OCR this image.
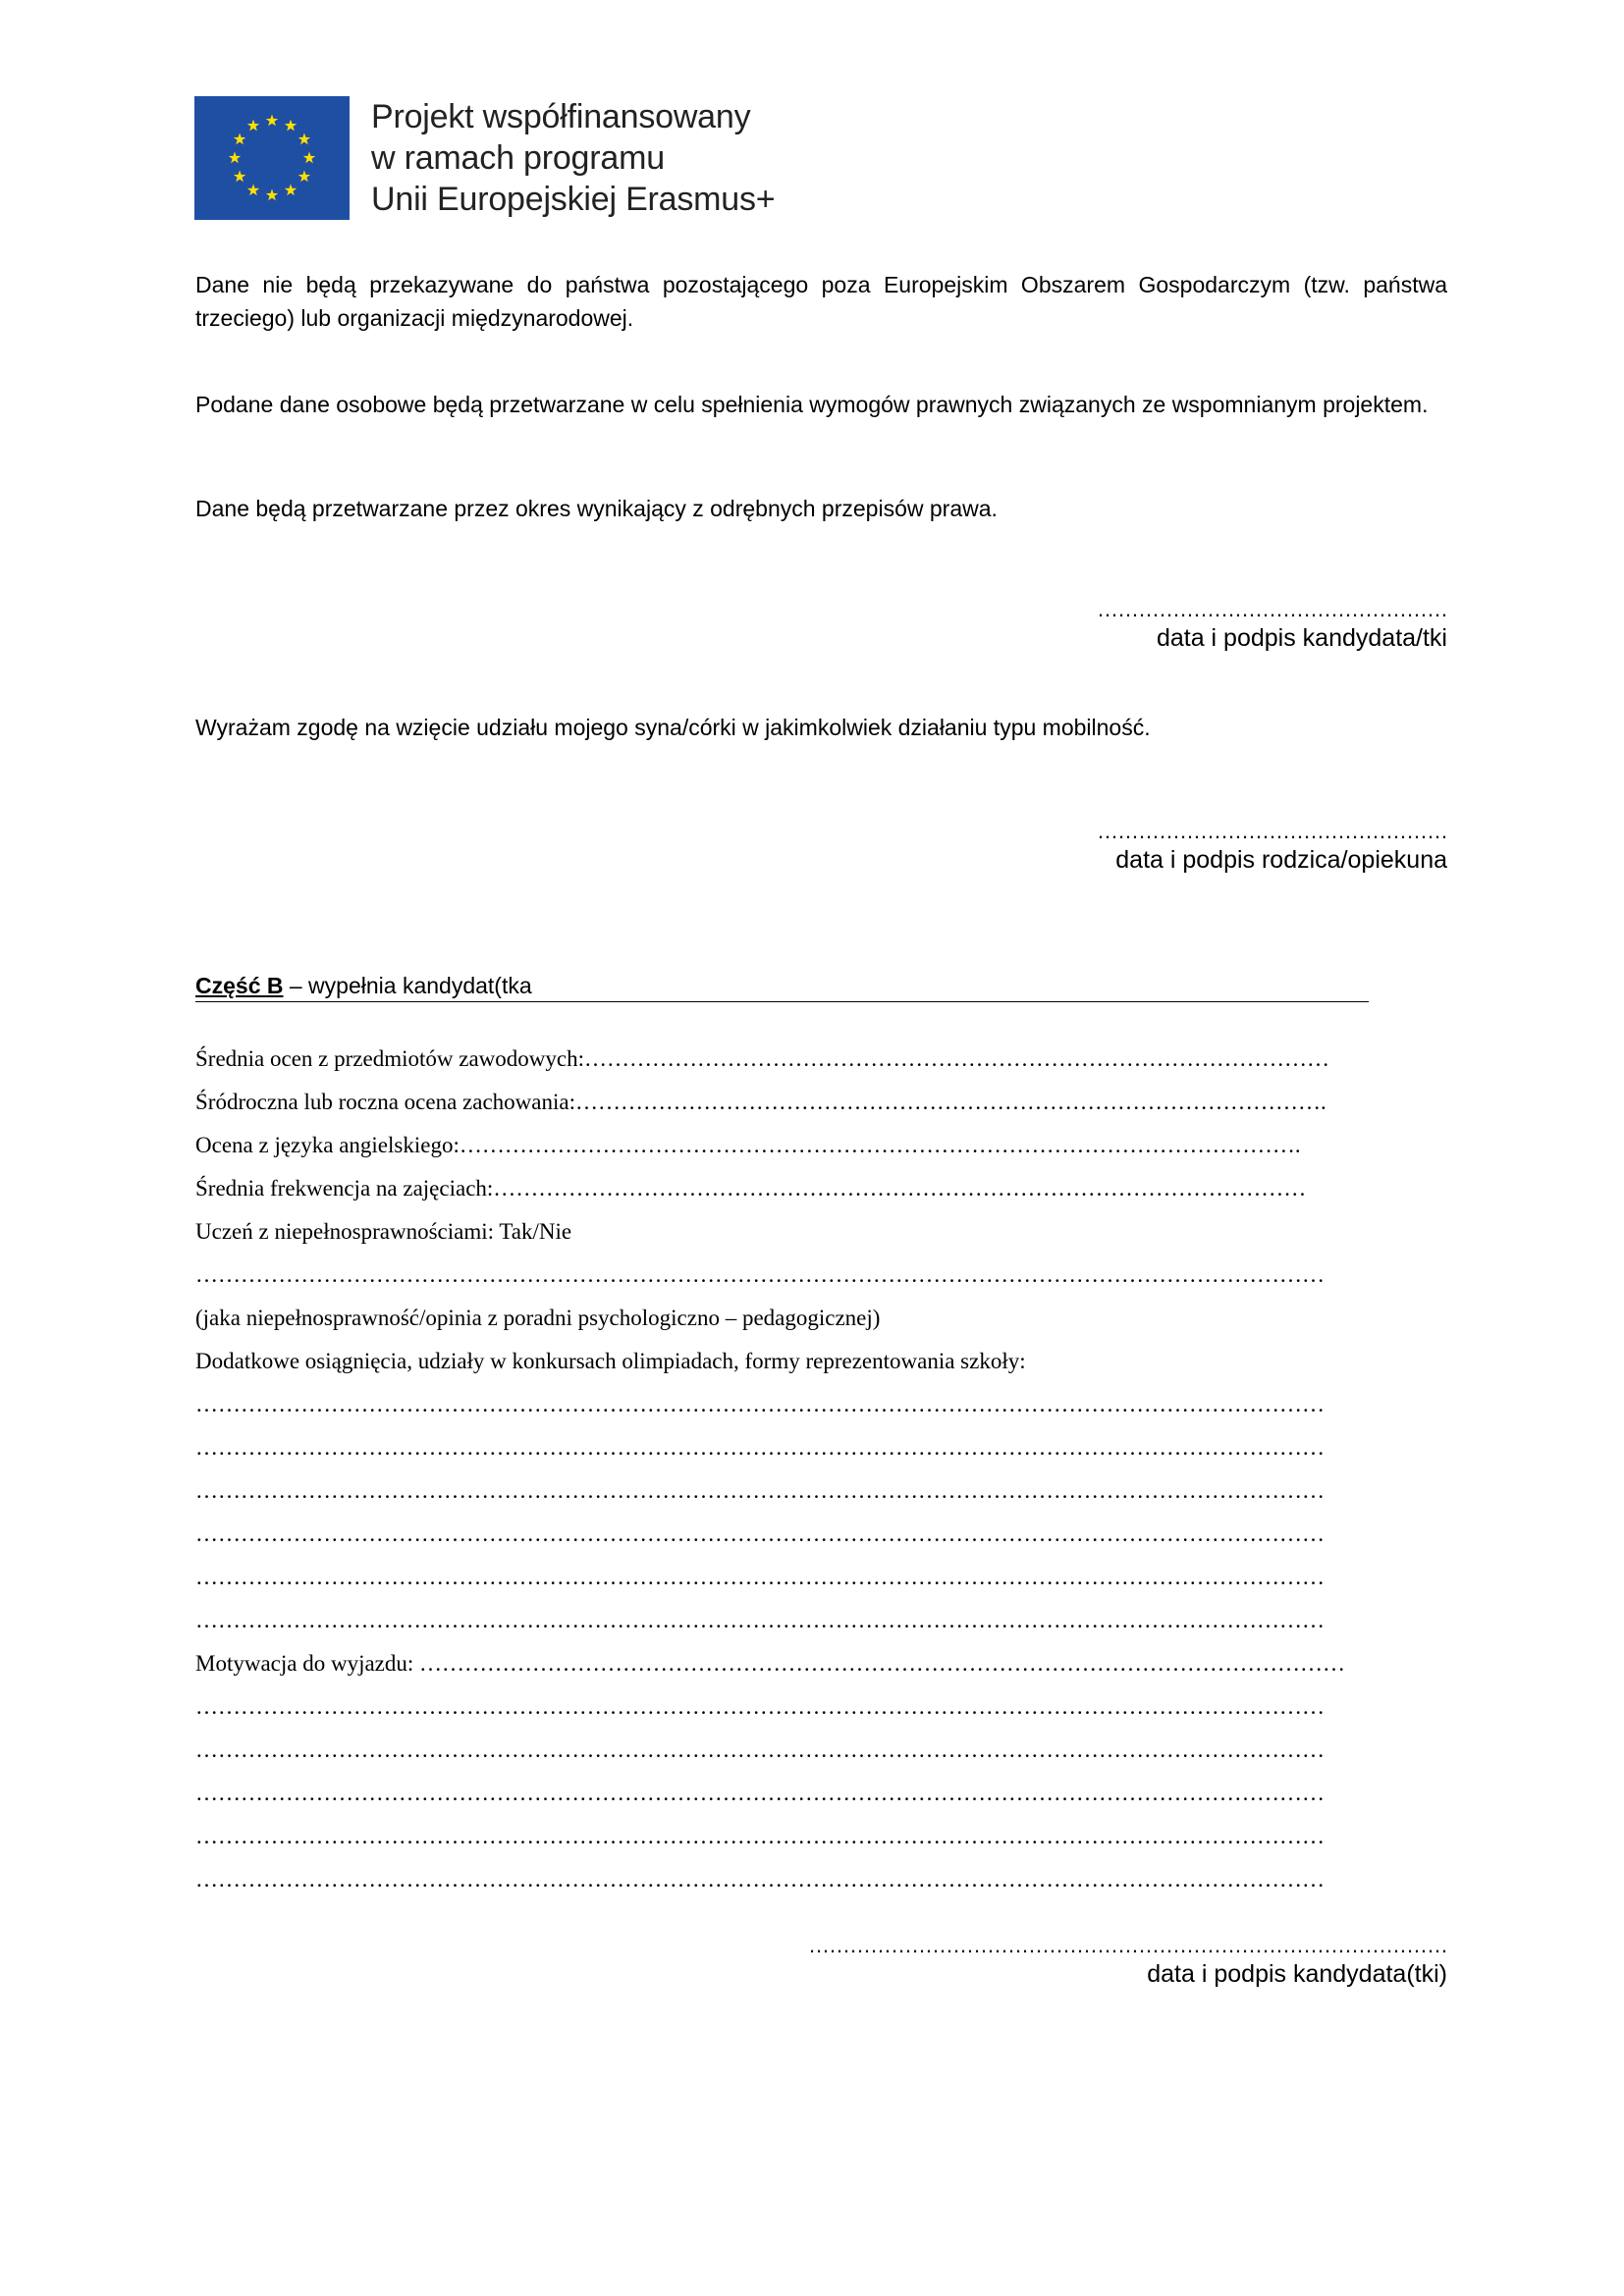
Projekt współfinansowany
w ramach programu
Unii Europejskiej Erasmus+
Dane nie będą przekazywane do państwa pozostającego poza Europejskim Obszarem Gospodarczym (tzw. państwa trzeciego) lub organizacji międzynarodowej.
Podane dane osobowe będą przetwarzane w celu spełnienia wymogów prawnych związanych ze wspomnianym projektem.
Dane będą przetwarzane przez okres wynikający z odrębnych przepisów prawa.
……………………………………………
data i podpis kandydata/tki
Wyrażam zgodę na wzięcie udziału mojego syna/córki w jakimkolwiek działaniu typu mobilność.
……………………………………………
data i podpis rodzica/opiekuna
Część B – wypełnia kandydat(tka
Średnia ocen z przedmiotów zawodowych:………………………………………………………………………………………
Śródroczna lub roczna ocena zachowania:……………………………………………………………………………………….
Ocena z języka angielskiego:………………………………………………………………………………………………….
Średnia frekwencja na zajęciach:………………………………………………………………………………………………
Uczeń z niepełnosprawnościami: Tak/Nie
……………………………………………………………………………………………………………………………………
(jaka niepełnosprawność/opinia z poradni psychologiczno – pedagogicznej)
Dodatkowe osiągnięcia, udziały w konkursach olimpiadach, formy reprezentowania szkoły:
……………………………………………………………………………………………………………………………………
……………………………………………………………………………………………………………………………………
……………………………………………………………………………………………………………………………………
……………………………………………………………………………………………………………………………………
……………………………………………………………………………………………………………………………………
……………………………………………………………………………………………………………………………………
Motywacja do wyjazdu: ……………………………………………………………………………………………………………
……………………………………………………………………………………………………………………………………
……………………………………………………………………………………………………………………………………
……………………………………………………………………………………………………………………………………
……………………………………………………………………………………………………………………………………
……………………………………………………………………………………………………………………………………
…………………………………………………………………………………
data i podpis kandydata(tki)
